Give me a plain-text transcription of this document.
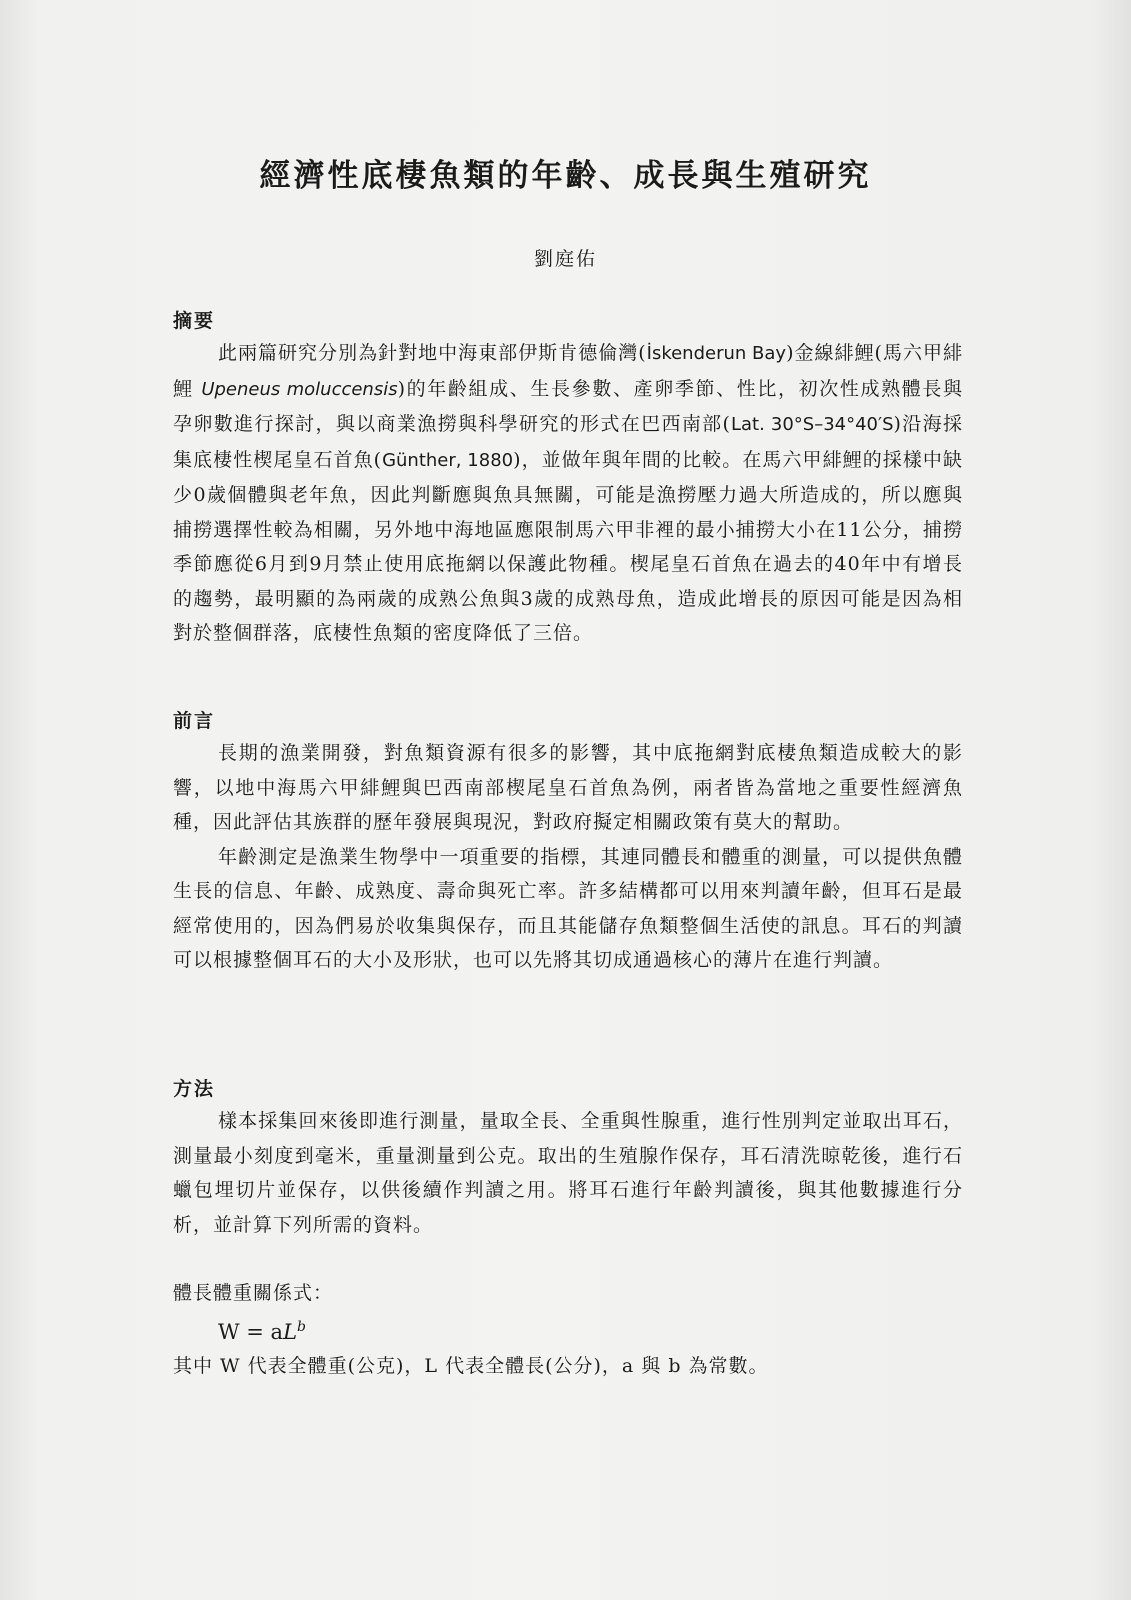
經濟性底棲魚類的年齡、成長與生殖研究
劉庭佑
摘要

此兩篇研究分別為針對地中海東部伊斯肯德倫灣(İskenderun Bay)金線緋鯉(馬六甲緋鯉 Upeneus moluccensis)的年齡組成、生長參數、產卵季節、性比，初次性成熟體長與孕卵數進行探討，與以商業漁撈與科學研究的形式在巴西南部(Lat. 30°S–34°40′S)沿海採集底棲性楔尾皇石首魚(Günther, 1880)，並做年與年間的比較。在馬六甲緋鯉的採樣中缺少0歲個體與老年魚，因此判斷應與魚具無關，可能是漁撈壓力過大所造成的，所以應與捕撈選擇性較為相關，另外地中海地區應限制馬六甲非裡的最小捕撈大小在11公分，捕撈季節應從6月到9月禁止使用底拖網以保護此物種。楔尾皇石首魚在過去的40年中有增長的趨勢，最明顯的為兩歲的成熟公魚與3歲的成熟母魚，造成此增長的原因可能是因為相對於整個群落，底棲性魚類的密度降低了三倍。

前言

長期的漁業開發，對魚類資源有很多的影響，其中底拖網對底棲魚類造成較大的影響，以地中海馬六甲緋鯉與巴西南部楔尾皇石首魚為例，兩者皆為當地之重要性經濟魚種，因此評估其族群的歷年發展與現況，對政府擬定相關政策有莫大的幫助。

年齡測定是漁業生物學中一項重要的指標，其連同體長和體重的測量，可以提供魚體生長的信息、年齡、成熟度、壽命與死亡率。許多結構都可以用來判讀年齡，但耳石是最經常使用的，因為們易於收集與保存，而且其能儲存魚類整個生活使的訊息。耳石的判讀可以根據整個耳石的大小及形狀，也可以先將其切成通過核心的薄片在進行判讀。

方法

樣本採集回來後即進行測量，量取全長、全重與性腺重，進行性別判定並取出耳石，測量最小刻度到毫米，重量測量到公克。取出的生殖腺作保存，耳石清洗晾乾後，進行石蠟包埋切片並保存，以供後續作判讀之用。將耳石進行年齡判讀後，與其他數據進行分析，並計算下列所需的資料。

體長體重關係式：
$W = aL^b$
其中 W 代表全體重(公克)，L 代表全體長(公分)，a 與 b 為常數。
